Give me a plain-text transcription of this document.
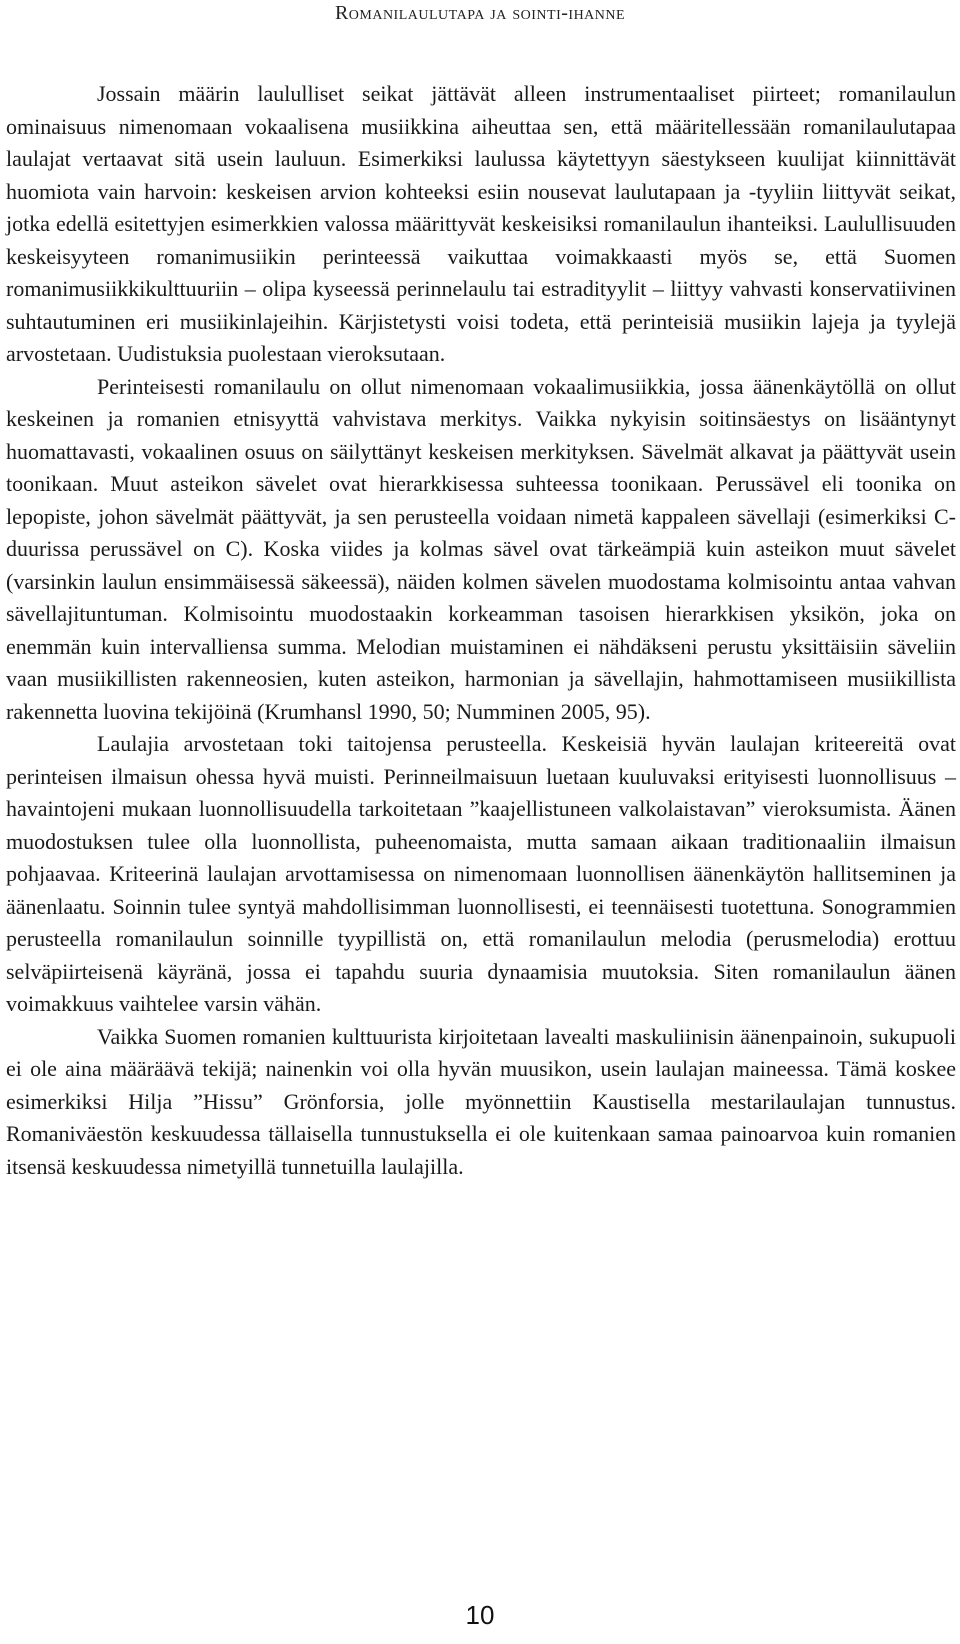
Romanilaulutapa ja sointi-ihanne

Jossain määrin laululliset seikat jättävät alleen instrumentaaliset piirteet; romanilaulun ominaisuus nimenomaan vokaalisena musiikkina aiheuttaa sen, että määritellessään romanilaulutapaa laulajat vertaavat sitä usein lauluun. Esimerkiksi laulussa käytettyyn säestykseen kuulijat kiinnittävät huomiota vain harvoin: keskeisen arvion kohteeksi esiin nousevat laulutapaan ja -tyyliin liittyvät seikat, jotka edellä esitettyjen esimerkkien valossa määrittyvät keskeisiksi romanilaulun ihanteiksi. Laulullisuuden keskeisyyteen romanimusiikin perinteessä vaikuttaa voimakkaasti myös se, että Suomen romanimusiikkikulttuuriin – olipa kyseessä perinnelaulu tai estradityylit – liittyy vahvasti konservatiivinen suhtautuminen eri musiikinlajeihin. Kärjistetysti voisi todeta, että perinteisiä musiikin lajeja ja tyylejä arvostetaan. Uudistuksia puolestaan vieroksutaan.

Perinteisesti romanilaulu on ollut nimenomaan vokaalimusiikkia, jossa äänenkäytöllä on ollut keskeinen ja romanien etnisyyttä vahvistava merkitys. Vaikka nykyisin soitinsäestys on lisääntynyt huomattavasti, vokaalinen osuus on säilyttänyt keskeisen merkityksen. Sävelmät alkavat ja päättyvät usein toonikaan. Muut asteikon sävelet ovat hierarkkisessa suhteessa toonikaan. Perussävel eli toonika on lepopiste, johon sävelmät päättyvät, ja sen perusteella voidaan nimetä kappaleen sävellaji (esimerkiksi C-duurissa perussävel on C). Koska viides ja kolmas sävel ovat tärkeämpiä kuin asteikon muut sävelet (varsinkin laulun ensimmäisessä säkeessä), näiden kolmen sävelen muodostama kolmisointu antaa vahvan sävellajituntuman. Kolmisointu muodostaakin korkeamman tasoisen hierarkkisen yksikön, joka on enemmän kuin intervalliensa summa. Melodian muistaminen ei nähdäkseni perustu yksittäisiin säveliin vaan musiikillisten rakenneosien, kuten asteikon, harmonian ja sävellajin, hahmottamiseen musiikillista rakennetta luovina tekijöinä (Krumhansl 1990, 50; Numminen 2005, 95).

Laulajia arvostetaan toki taitojensa perusteella. Keskeisiä hyvän laulajan kriteereitä ovat perinteisen ilmaisun ohessa hyvä muisti. Perinneilmaisuun luetaan kuuluvaksi erityisesti luonnollisuus – havaintojeni mukaan luonnollisuudella tarkoitetaan ”kaajellistuneen valkolaistavan” vieroksumista. Äänen muodostuksen tulee olla luonnollista, puheenomaista, mutta samaan aikaan traditionaaliin ilmaisun pohjaavaa. Kriteerinä laulajan arvottamisessa on nimenomaan luonnollisen äänenkäytön hallitseminen ja äänenlaatu. Soinnin tulee syntyä mahdollisimman luonnollisesti, ei teennäisesti tuotettuna. Sonogrammien perusteella romanilaulun soinnille tyypillistä on, että romanilaulun melodia (perusmelodia) erottuu selväpiirteisenä käyränä, jossa ei tapahdu suuria dynaamisia muutoksia. Siten romanilaulun äänen voimakkuus vaihtelee varsin vähän.

Vaikka Suomen romanien kulttuurista kirjoitetaan lavealti maskuliinisin äänenpainoin, sukupuoli ei ole aina määräävä tekijä; nainenkin voi olla hyvän muusikon, usein laulajan maineessa. Tämä koskee esimerkiksi Hilja ”Hissu” Grönforsia, jolle myönnettiin Kaustisella mestarilaulajan tunnustus. Romaniväestön keskuudessa tällaisella tunnustuksella ei ole kuitenkaan samaa painoarvoa kuin romanien itsensä keskuudessa nimetyillä tunnetuilla laulajilla.

10
